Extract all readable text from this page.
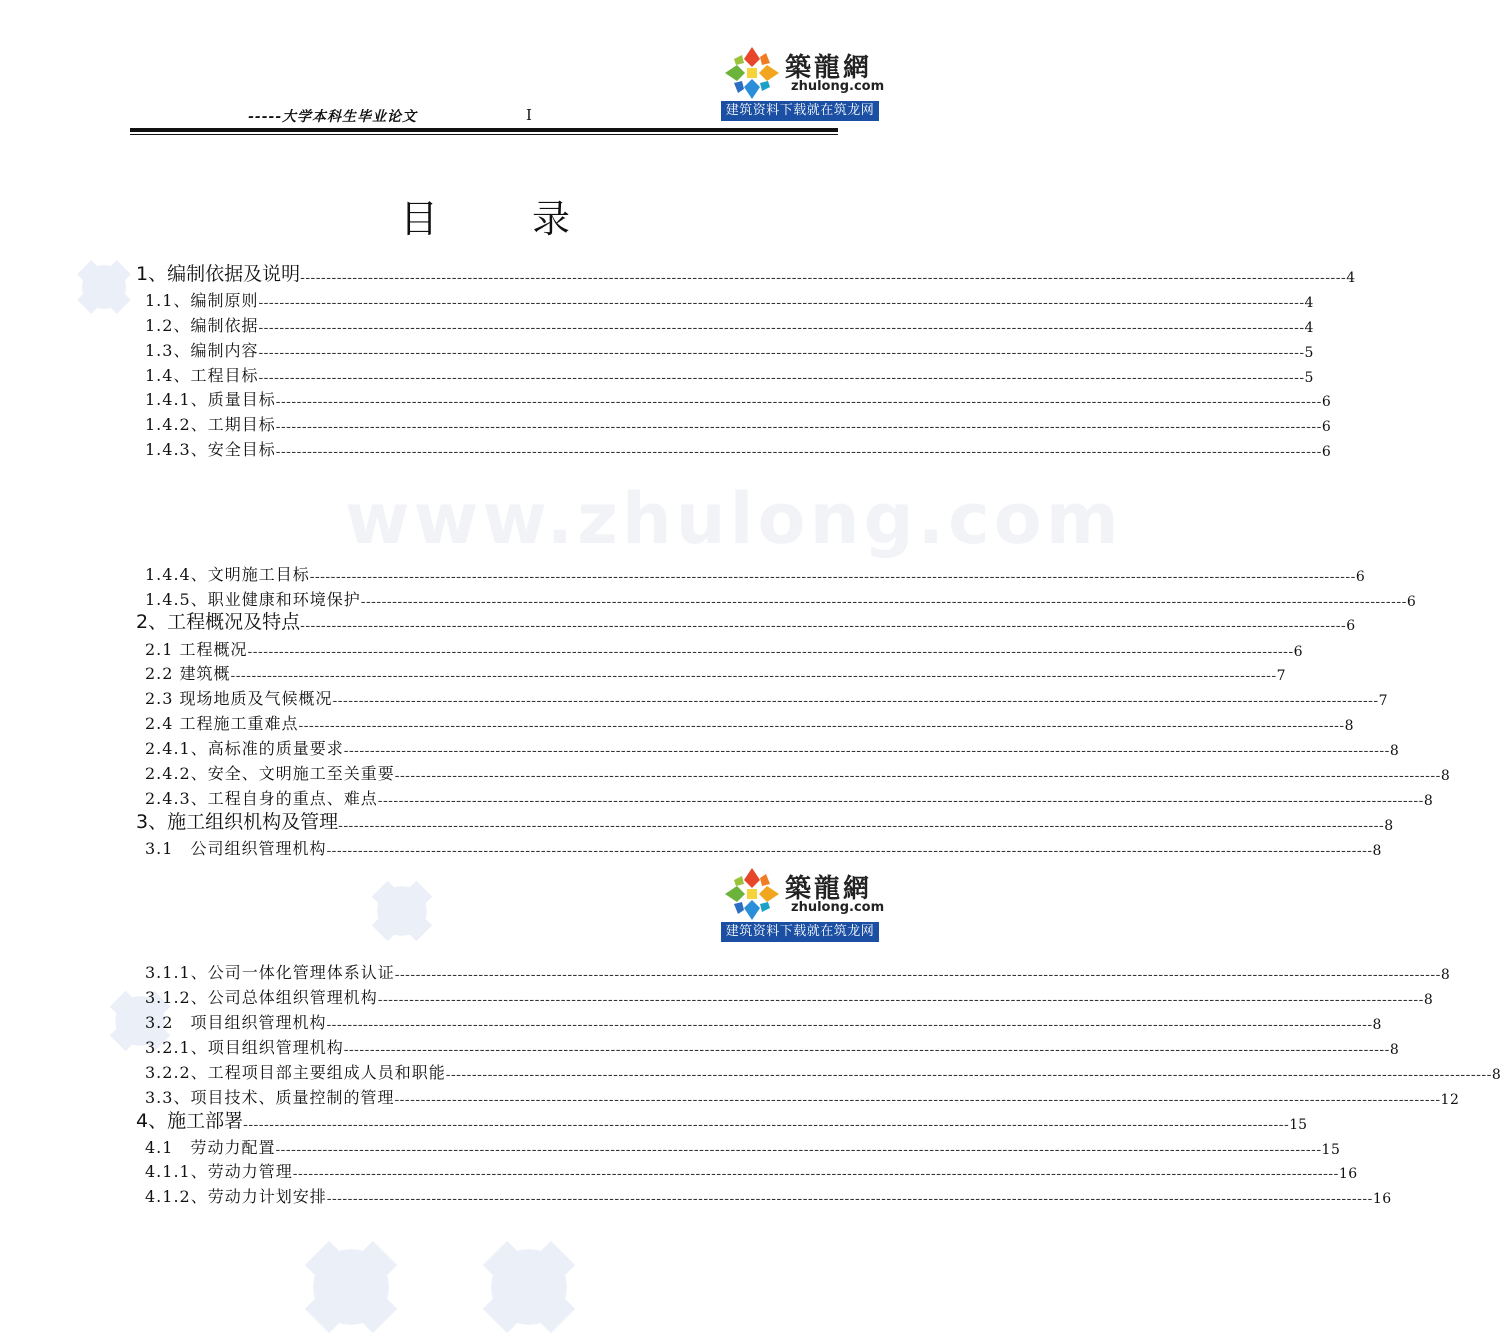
www.zhulong.com
築龍網
zhulong.com
建筑资料下载就在筑龙网
-----大学本科生毕业论文	I
目 录
築龍網
zhulong.com
建筑资料下载就在筑龙网
1、编制依据及说明 -------------------------------------------------------------------------------------------------------------------------------------------------------------------------------------------------------- 4
1.1、编制原则 -------------------------------------------------------------------------------------------------------------------------------------------------------------------------------------------------------- 4
1.2、编制依据 -------------------------------------------------------------------------------------------------------------------------------------------------------------------------------------------------------- 4
1.3、编制内容 -------------------------------------------------------------------------------------------------------------------------------------------------------------------------------------------------------- 5
1.4、工程目标 -------------------------------------------------------------------------------------------------------------------------------------------------------------------------------------------------------- 5
1.4.1、质量目标 -------------------------------------------------------------------------------------------------------------------------------------------------------------------------------------------------------- 6
1.4.2、工期目标 -------------------------------------------------------------------------------------------------------------------------------------------------------------------------------------------------------- 6
1.4.3、安全目标 -------------------------------------------------------------------------------------------------------------------------------------------------------------------------------------------------------- 6
1.4.4、文明施工目标 -------------------------------------------------------------------------------------------------------------------------------------------------------------------------------------------------------- 6
1.4.5、职业健康和环境保护 -------------------------------------------------------------------------------------------------------------------------------------------------------------------------------------------------------- 6
2、工程概况及特点 -------------------------------------------------------------------------------------------------------------------------------------------------------------------------------------------------------- 6
2.1 工程概况 -------------------------------------------------------------------------------------------------------------------------------------------------------------------------------------------------------- 6
2.2 建筑概 -------------------------------------------------------------------------------------------------------------------------------------------------------------------------------------------------------- 7
2.3 现场地质及气候概况 -------------------------------------------------------------------------------------------------------------------------------------------------------------------------------------------------------- 7
2.4 工程施工重难点 -------------------------------------------------------------------------------------------------------------------------------------------------------------------------------------------------------- 8
2.4.1、高标准的质量要求 -------------------------------------------------------------------------------------------------------------------------------------------------------------------------------------------------------- 8
2.4.2、安全、文明施工至关重要 -------------------------------------------------------------------------------------------------------------------------------------------------------------------------------------------------------- 8
2.4.3、工程自身的重点、难点 -------------------------------------------------------------------------------------------------------------------------------------------------------------------------------------------------------- 8
3、施工组织机构及管理 -------------------------------------------------------------------------------------------------------------------------------------------------------------------------------------------------------- 8
3.1　公司组织管理机构 -------------------------------------------------------------------------------------------------------------------------------------------------------------------------------------------------------- 8
3.1.1、公司一体化管理体系认证 -------------------------------------------------------------------------------------------------------------------------------------------------------------------------------------------------------- 8
3.1.2、公司总体组织管理机构 -------------------------------------------------------------------------------------------------------------------------------------------------------------------------------------------------------- 8
3.2　项目组织管理机构 -------------------------------------------------------------------------------------------------------------------------------------------------------------------------------------------------------- 8
3.2.1、项目组织管理机构 -------------------------------------------------------------------------------------------------------------------------------------------------------------------------------------------------------- 8
3.2.2、工程项目部主要组成人员和职能 -------------------------------------------------------------------------------------------------------------------------------------------------------------------------------------------------------- 8
3.3、项目技术、质量控制的管理 -------------------------------------------------------------------------------------------------------------------------------------------------------------------------------------------------------- 12
4、施工部署 -------------------------------------------------------------------------------------------------------------------------------------------------------------------------------------------------------- 15
4.1　劳动力配置 -------------------------------------------------------------------------------------------------------------------------------------------------------------------------------------------------------- 15
4.1.1、劳动力管理 -------------------------------------------------------------------------------------------------------------------------------------------------------------------------------------------------------- 16
4.1.2、劳动力计划安排 -------------------------------------------------------------------------------------------------------------------------------------------------------------------------------------------------------- 16
